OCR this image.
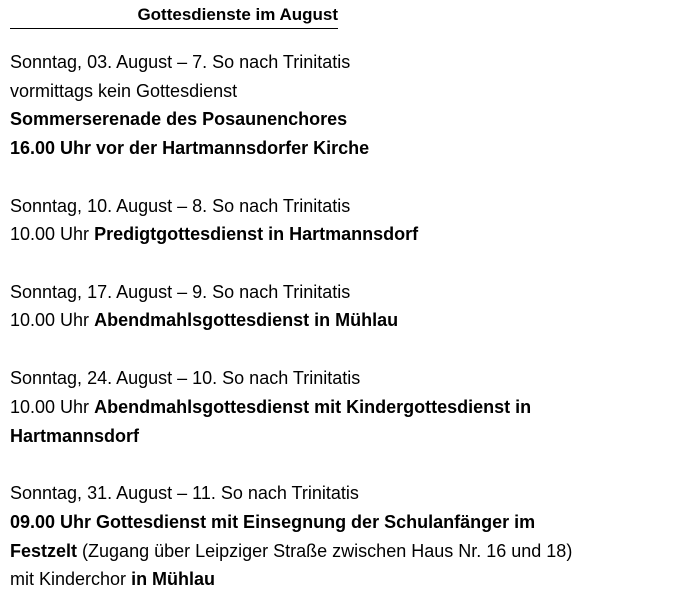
Gottesdienste im August
Sonntag, 03. August – 7. So nach Trinitatis
vormittags kein Gottesdienst
Sommerserenade des Posaunenchores
16.00 Uhr vor der Hartmannsdorfer Kirche
Sonntag, 10. August – 8. So nach Trinitatis
10.00 Uhr Predigtgottesdienst in Hartmannsdorf
Sonntag, 17. August – 9. So nach Trinitatis
10.00 Uhr Abendmahlsgottesdienst in Mühlau
Sonntag, 24. August – 10. So nach Trinitatis
10.00 Uhr Abendmahlsgottesdienst mit Kindergottesdienst in
Hartmannsdorf
Sonntag, 31. August – 11. So nach Trinitatis
09.00 Uhr Gottesdienst mit Einsegnung der Schulanfänger im
Festzelt (Zugang über Leipziger Straße zwischen Haus Nr. 16 und 18)
mit Kinderchor in Mühlau
